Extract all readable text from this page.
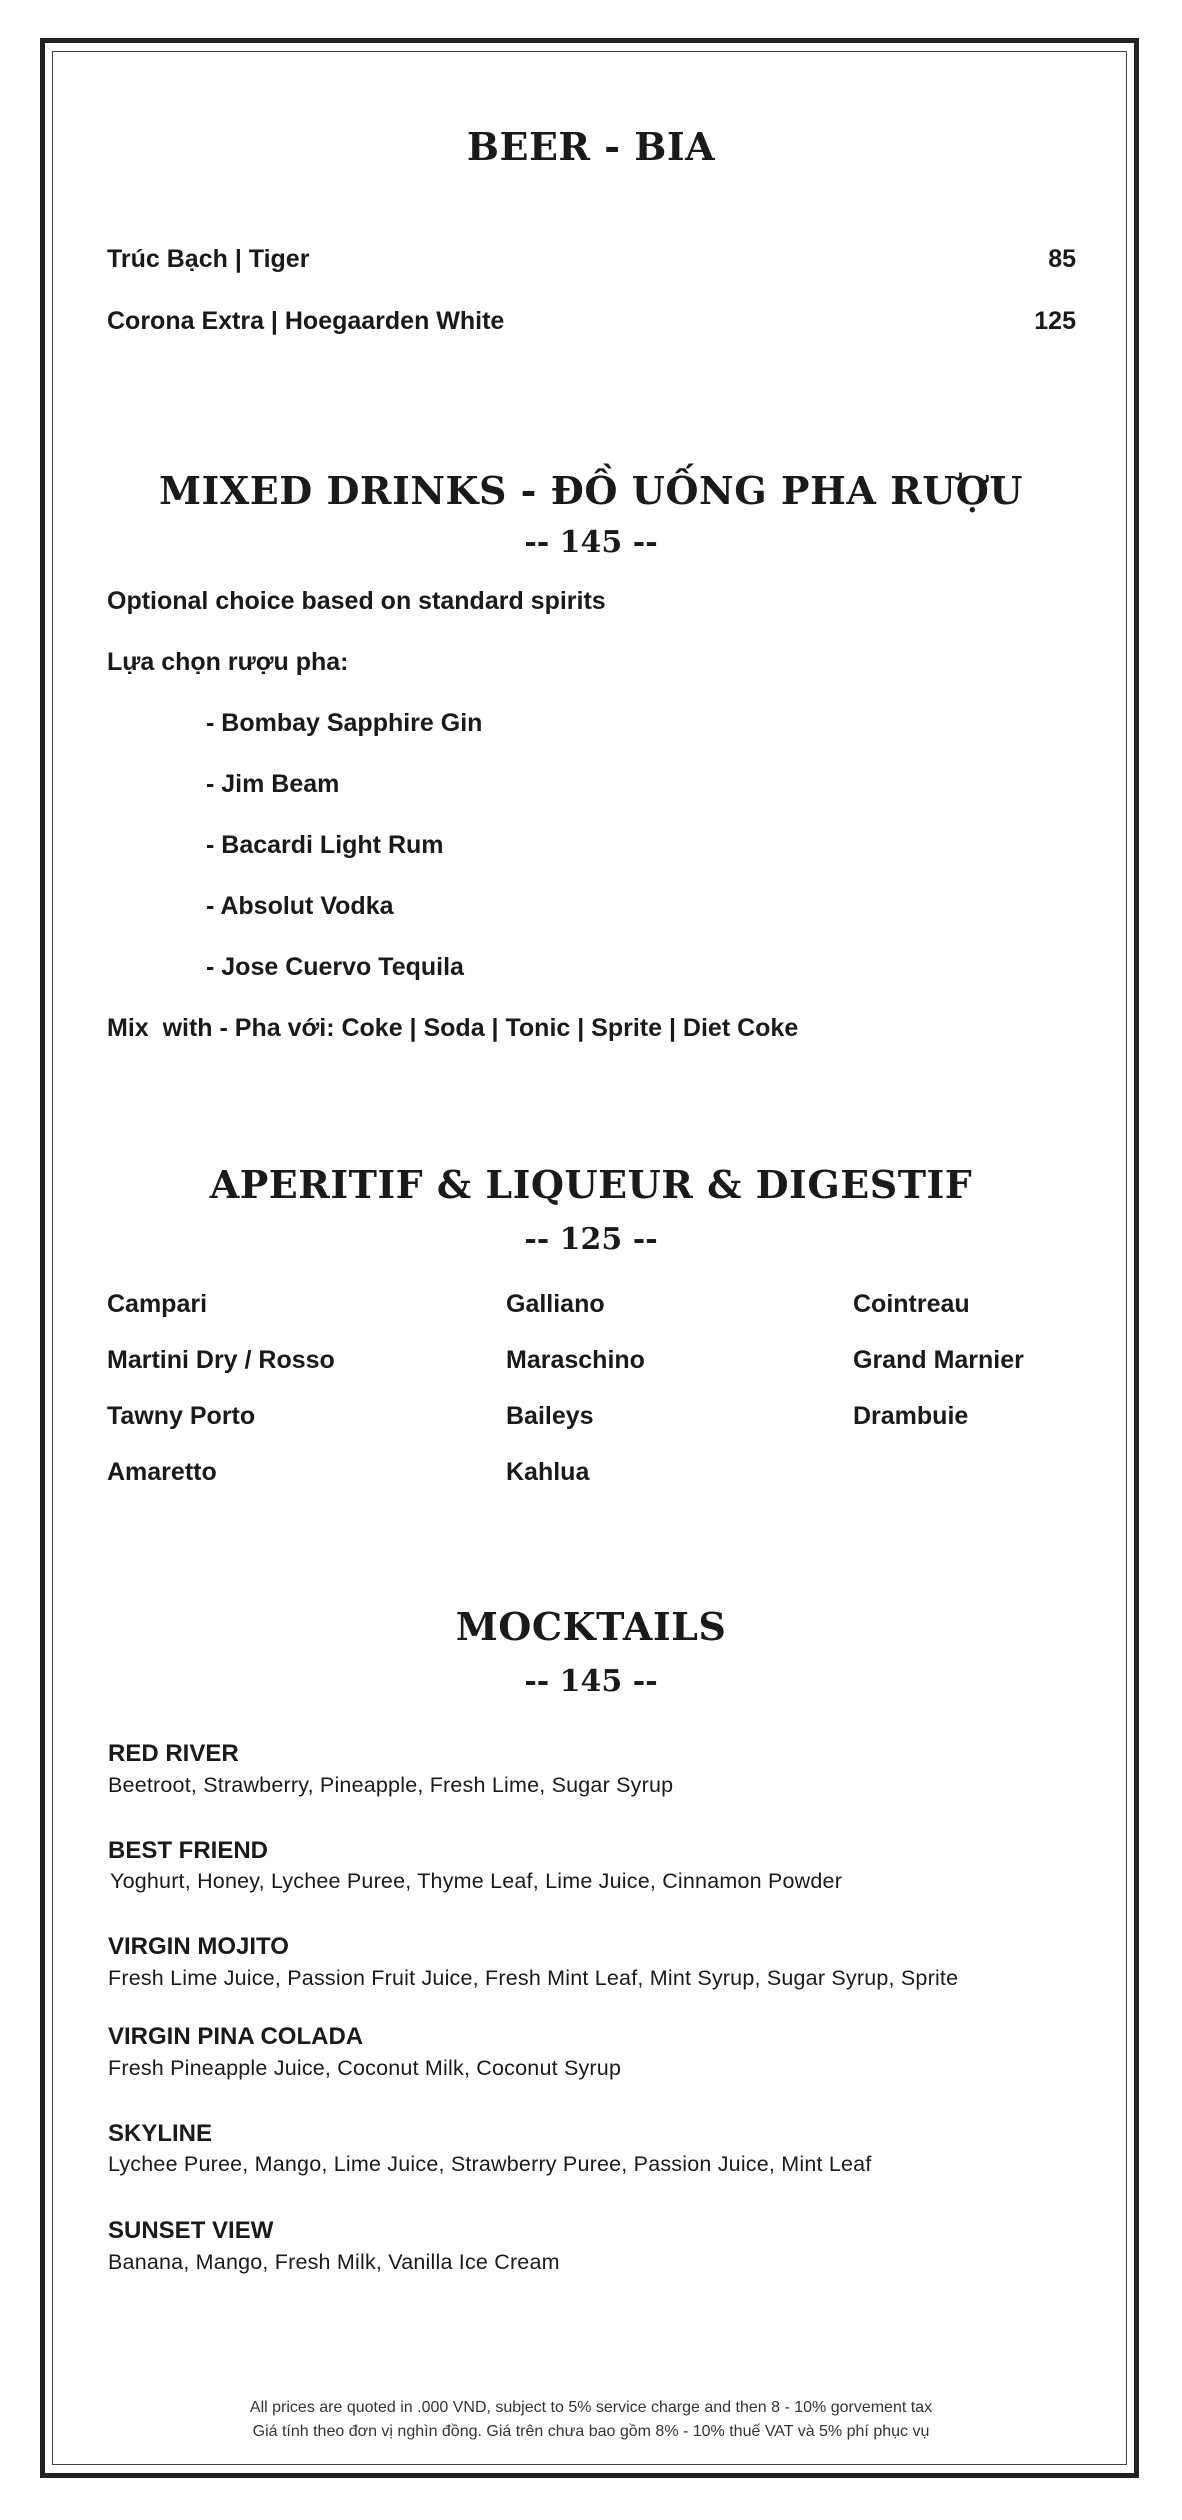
BEER - BIA
Trúc Bạch | Tiger	85
Corona Extra | Hoegaarden White	125
MIXED DRINKS - ĐỒ UỐNG PHA RƯỢU
-- 145 --
Optional choice based on standard spirits
Lựa chọn rượu pha:
- Bombay Sapphire Gin
- Jim Beam
- Bacardi Light Rum
- Absolut Vodka
- Jose Cuervo Tequila
Mix  with - Pha với: Coke | Soda | Tonic | Sprite | Diet Coke
APERITIF & LIQUEUR & DIGESTIF
-- 125 --
Campari
Martini Dry / Rosso
Tawny Porto
Amaretto
Galliano
Maraschino
Baileys
Kahlua
Cointreau
Grand Marnier
Drambuie
MOCKTAILS
-- 145 --
RED RIVER
Beetroot, Strawberry, Pineapple, Fresh Lime, Sugar Syrup
BEST FRIEND
Yoghurt, Honey, Lychee Puree, Thyme Leaf, Lime Juice, Cinnamon Powder
VIRGIN MOJITO
Fresh Lime Juice, Passion Fruit Juice, Fresh Mint Leaf, Mint Syrup, Sugar Syrup, Sprite
VIRGIN PINA COLADA
Fresh Pineapple Juice, Coconut Milk, Coconut Syrup
SKYLINE
Lychee Puree, Mango, Lime Juice, Strawberry Puree, Passion Juice, Mint Leaf
SUNSET VIEW
Banana, Mango, Fresh Milk, Vanilla Ice Cream
All prices are quoted in .000 VND, subject to 5% service charge and then 8 - 10% gorvement tax
Giá tính theo đơn vị nghìn đồng. Giá trên chưa bao gồm 8% - 10% thuế VAT và 5% phí phục vụ
